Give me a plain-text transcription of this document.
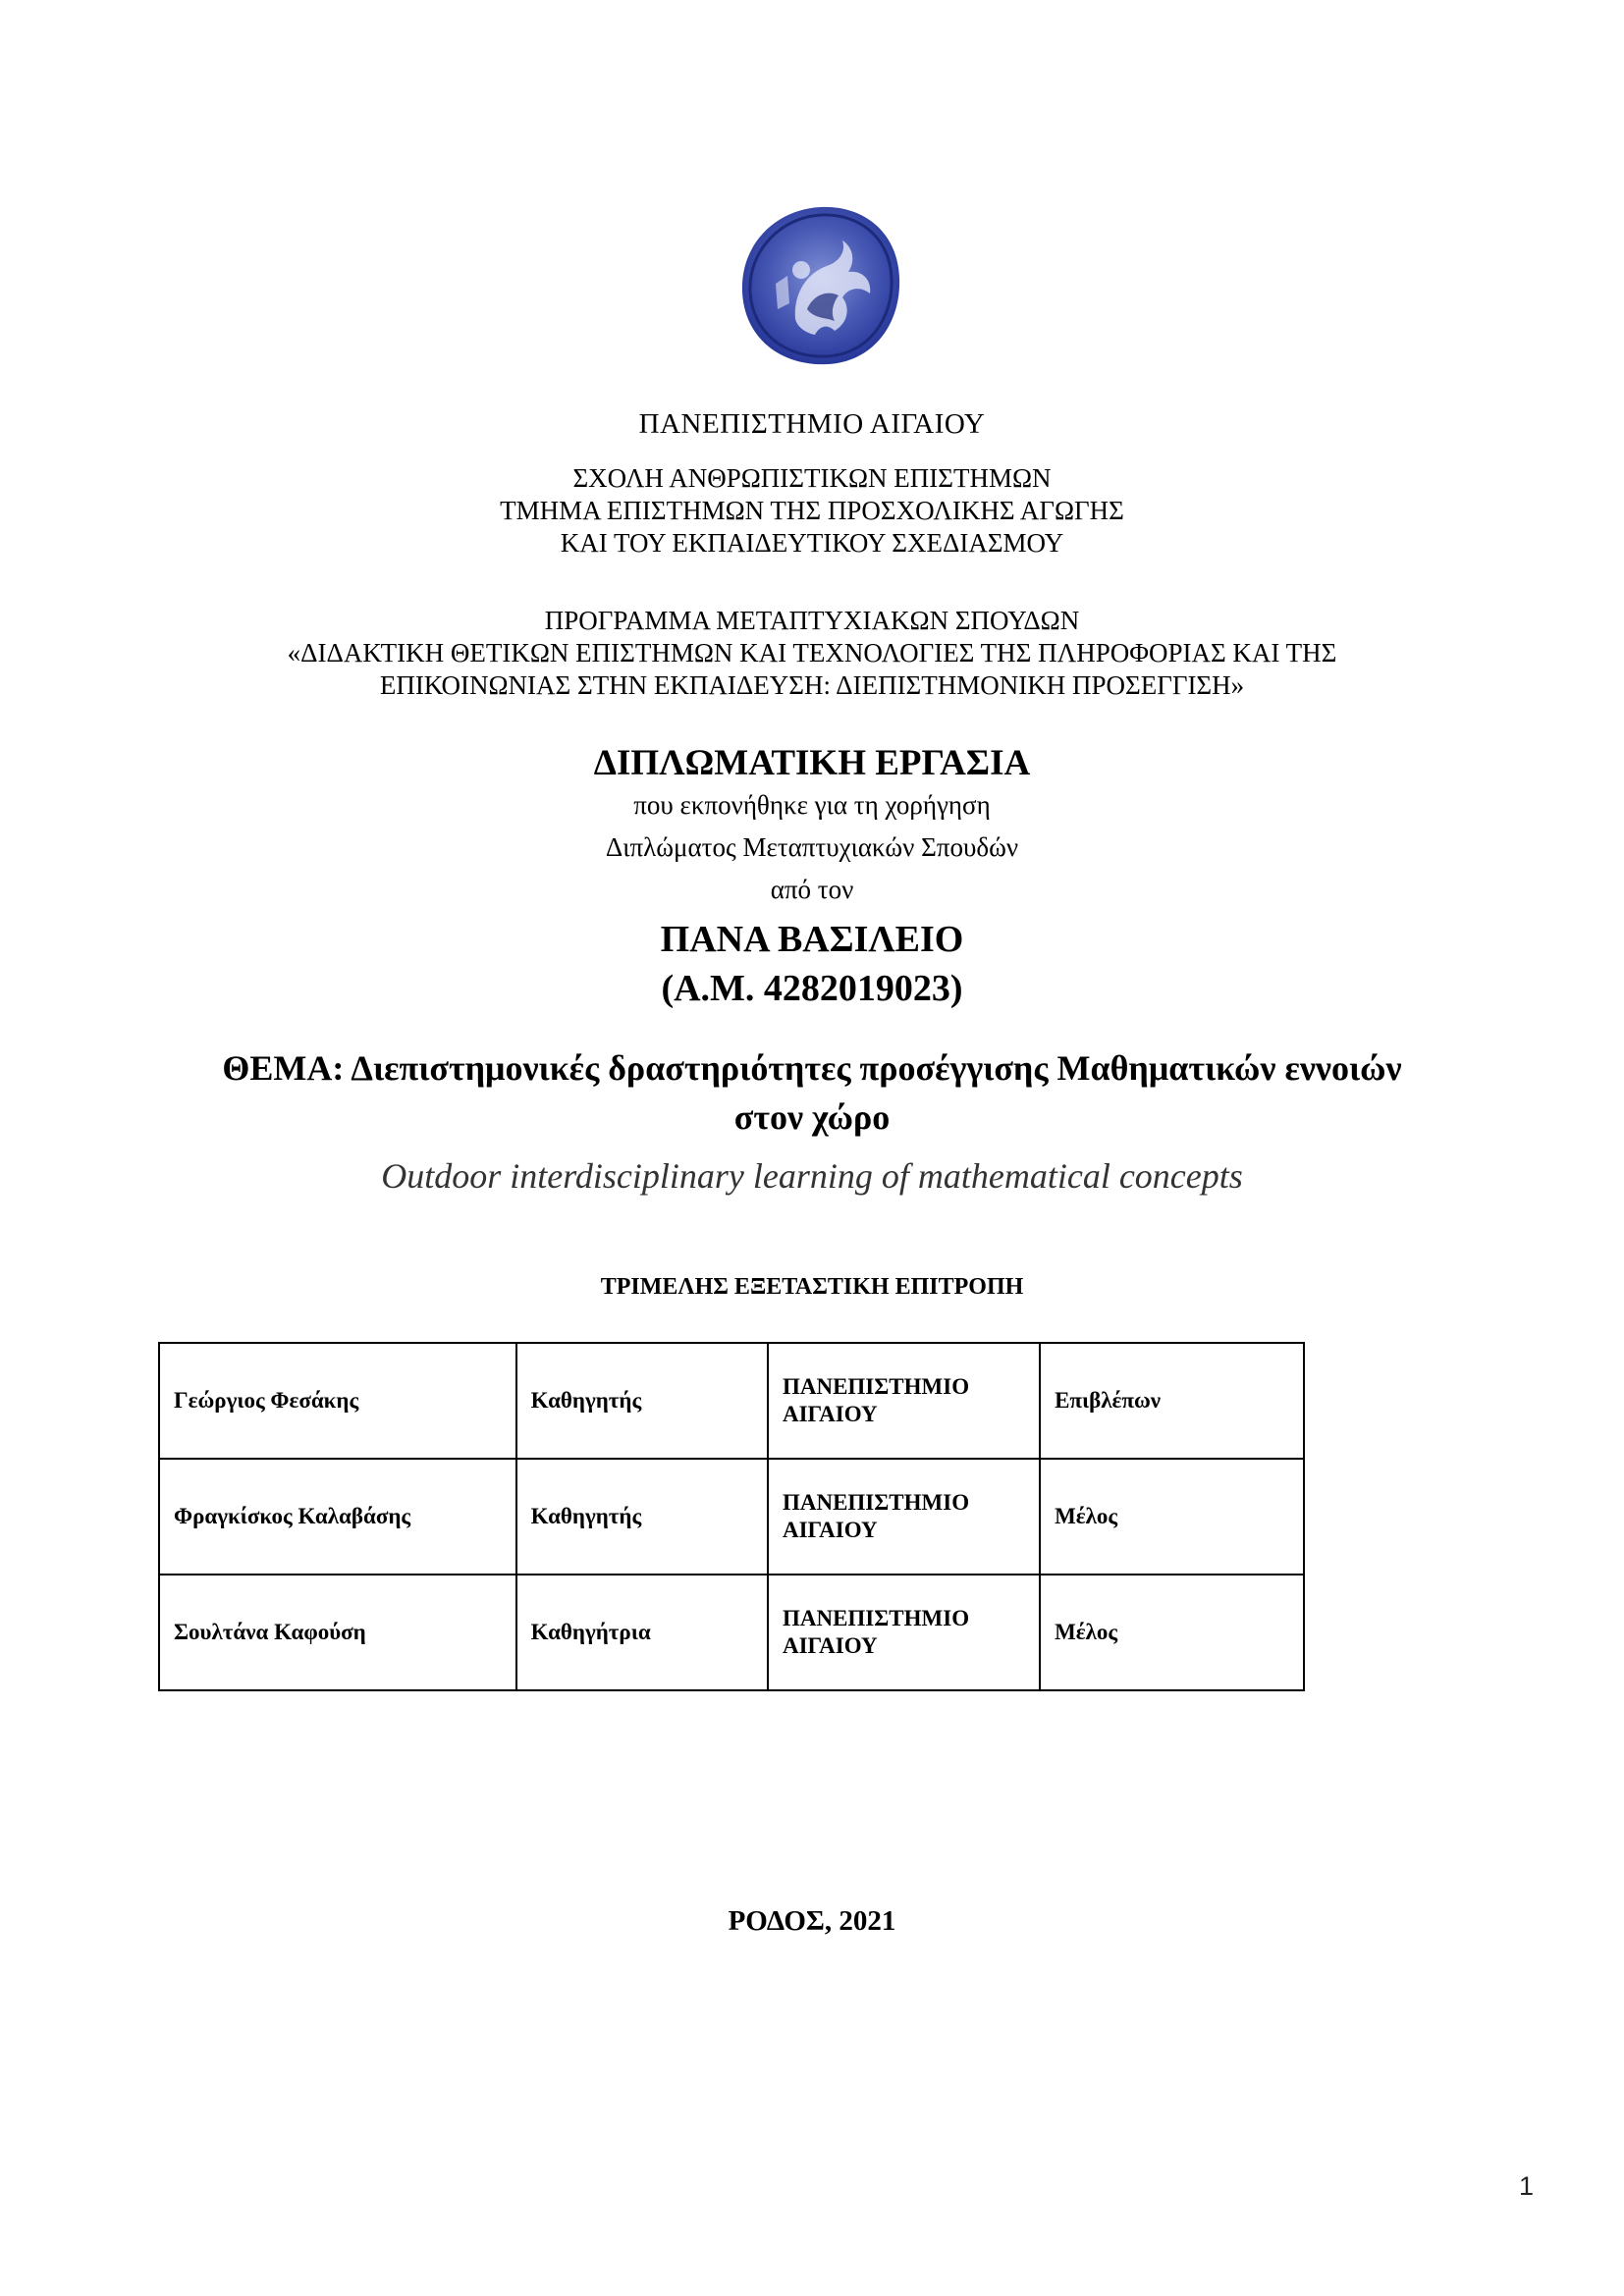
ΠΑΝΕΠΙΣΤΗΜΙΟ ΑΙΓΑΙΟΥ
ΣΧΟΛΗ ΑΝΘΡΩΠΙΣΤΙΚΩΝ ΕΠΙΣΤΗΜΩΝ
ΤΜΗΜΑ ΕΠΙΣΤΗΜΩΝ ΤΗΣ ΠΡΟΣΧΟΛΙΚΗΣ ΑΓΩΓΗΣ
ΚΑΙ ΤΟΥ ΕΚΠΑΙΔΕΥΤΙΚΟΥ ΣΧΕΔΙΑΣΜΟΥ
ΠΡΟΓΡΑΜΜΑ ΜΕΤΑΠΤΥΧΙΑΚΩΝ ΣΠΟΥΔΩΝ
«ΔΙΔΑΚΤΙΚΗ ΘΕΤΙΚΩΝ ΕΠΙΣΤΗΜΩΝ ΚΑΙ ΤΕΧΝΟΛΟΓΙΕΣ ΤΗΣ ΠΛΗΡΟΦΟΡΙΑΣ ΚΑΙ ΤΗΣ
ΕΠΙΚΟΙΝΩΝΙΑΣ ΣΤΗΝ ΕΚΠΑΙΔΕΥΣΗ: ΔΙΕΠΙΣΤΗΜΟΝΙΚΗ ΠΡΟΣΕΓΓΙΣΗ»
ΔΙΠΛΩΜΑΤΙΚΗ ΕΡΓΑΣΙΑ
που εκπονήθηκε για τη χορήγηση
Διπλώματος Μεταπτυχιακών Σπουδών
από τον
ΠΑΝΑ ΒΑΣΙΛΕΙΟ
(Α.Μ. 4282019023)
ΘΕΜΑ: Διεπιστημονικές δραστηριότητες προσέγγισης Μαθηματικών εννοιών
στον χώρο
Outdoor interdisciplinary learning of mathematical concepts
ΤΡΙΜΕΛΗΣ ΕΞΕΤΑΣΤΙΚΗ ΕΠΙΤΡΟΠΗ
Γεώργιος Φεσάκης	Καθηγητής	ΠΑΝΕΠΙΣΤΗΜΙΟ ΑΙΓΑΙΟΥ	Επιβλέπων
Φραγκίσκος Καλαβάσης	Καθηγητής	ΠΑΝΕΠΙΣΤΗΜΙΟ ΑΙΓΑΙΟΥ	Μέλος
Σουλτάνα Καφούση	Καθηγήτρια	ΠΑΝΕΠΙΣΤΗΜΙΟ ΑΙΓΑΙΟΥ	Μέλος
ΡΟΔΟΣ, 2021
1
